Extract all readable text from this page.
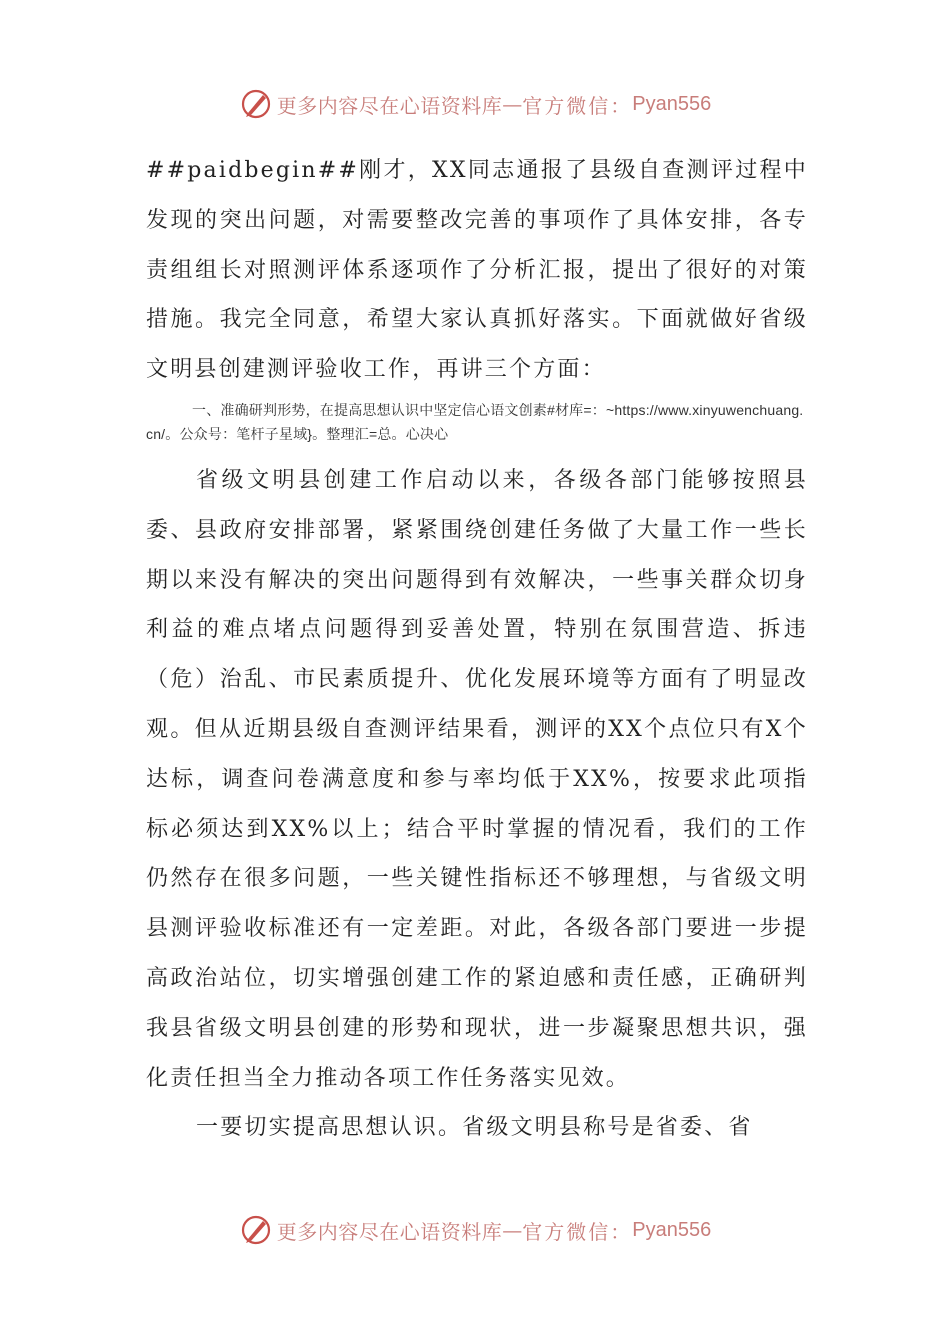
更多内容尽在心语资料库 — 官方微信： Pyan556

##paidbegin##刚才，XX同志通报了县级自查测评过程中发现的突出问题，对需要整改完善的事项作了具体安排，各专责组组长对照测评体系逐项作了分析汇报，提出了很好的对策措施。我完全同意，希望大家认真抓好落实。下面就做好省级文明县创建测评验收工作，再讲三个方面：

一、准确研判形势，在提高思想认识中坚定信心语文创素#材库=：~https://www.xinyuwenchuang.cn/。公众号：笔杆子星域}。整理汇=总。心决心

省级文明县创建工作启动以来，各级各部门能够按照县委、县政府安排部署，紧紧围绕创建任务做了大量工作一些长期以来没有解决的突出问题得到有效解决，一些事关群众切身利益的难点堵点问题得到妥善处置，特别在氛围营造、拆违（危）治乱、市民素质提升、优化发展环境等方面有了明显改观。但从近期县级自查测评结果看，测评的XX个点位只有X个达标，调查问卷满意度和参与率均低于XX%，按要求此项指标必须达到XX%以上；结合平时掌握的情况看，我们的工作仍然存在很多问题，一些关键性指标还不够理想，与省级文明县测评验收标准还有一定差距。对此，各级各部门要进一步提高政治站位，切实增强创建工作的紧迫感和责任感，正确研判我县省级文明县创建的形势和现状，进一步凝聚思想共识，强化责任担当全力推动各项工作任务落实见效。

一要切实提高思想认识。省级文明县称号是省委、省

更多内容尽在心语资料库 — 官方微信： Pyan556
